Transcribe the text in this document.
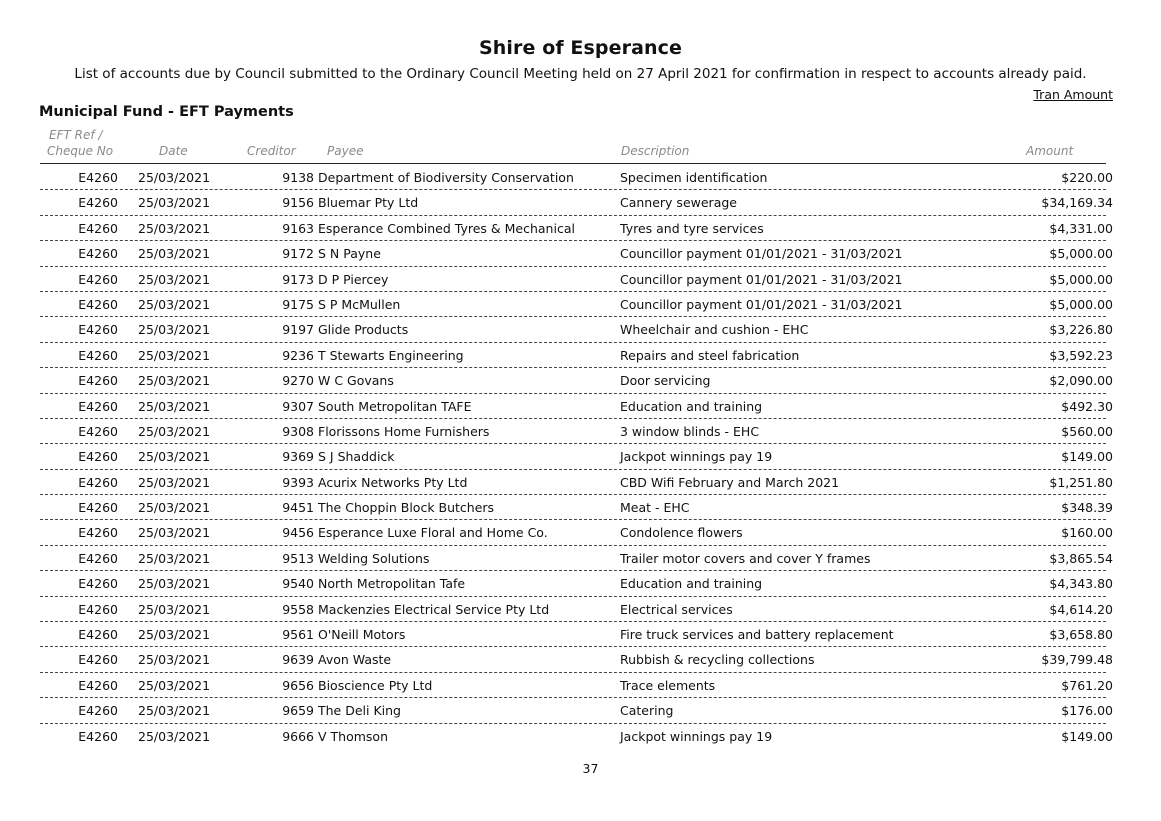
Shire of Esperance
List of accounts due by Council submitted to the Ordinary Council Meeting held on 27 April 2021 for confirmation in respect to accounts already paid.
Tran Amount
Municipal Fund - EFT Payments
EFT Ref /
Cheque No	Date	Creditor	Payee	Description	Amount
E4260 25/03/2021	9138 Department of Biodiversity Conservation	Specimen identification	$220.00
E4260 25/03/2021	9156 Bluemar Pty Ltd	Cannery sewerage	$34,169.34
E4260 25/03/2021	9163 Esperance Combined Tyres & Mechanical	Tyres and tyre services	$4,331.00
E4260 25/03/2021	9172 S N Payne	Councillor payment 01/01/2021 - 31/03/2021	$5,000.00
E4260 25/03/2021	9173 D P Piercey	Councillor payment 01/01/2021 - 31/03/2021	$5,000.00
E4260 25/03/2021	9175 S P McMullen	Councillor payment 01/01/2021 - 31/03/2021	$5,000.00
E4260 25/03/2021	9197 Glide Products	Wheelchair and cushion - EHC	$3,226.80
E4260 25/03/2021	9236 T Stewarts Engineering	Repairs and steel fabrication	$3,592.23
E4260 25/03/2021	9270 W C Govans	Door servicing	$2,090.00
E4260 25/03/2021	9307 South Metropolitan TAFE	Education and training	$492.30
E4260 25/03/2021	9308 Florissons Home Furnishers	3 window blinds - EHC	$560.00
E4260 25/03/2021	9369 S J Shaddick	Jackpot winnings pay 19	$149.00
E4260 25/03/2021	9393 Acurix Networks Pty Ltd	CBD Wifi February and March 2021	$1,251.80
E4260 25/03/2021	9451 The Choppin Block Butchers	Meat - EHC	$348.39
E4260 25/03/2021	9456 Esperance Luxe Floral and Home Co.	Condolence flowers	$160.00
E4260 25/03/2021	9513 Welding Solutions	Trailer motor covers and cover Y frames	$3,865.54
E4260 25/03/2021	9540 North Metropolitan Tafe	Education and training	$4,343.80
E4260 25/03/2021	9558 Mackenzies Electrical Service Pty Ltd	Electrical services	$4,614.20
E4260 25/03/2021	9561 O'Neill Motors	Fire truck services and battery replacement	$3,658.80
E4260 25/03/2021	9639 Avon Waste	Rubbish & recycling collections	$39,799.48
E4260 25/03/2021	9656 Bioscience Pty Ltd	Trace elements	$761.20
E4260 25/03/2021	9659 The Deli King	Catering	$176.00
E4260 25/03/2021	9666 V Thomson	Jackpot winnings pay 19	$149.00
37
